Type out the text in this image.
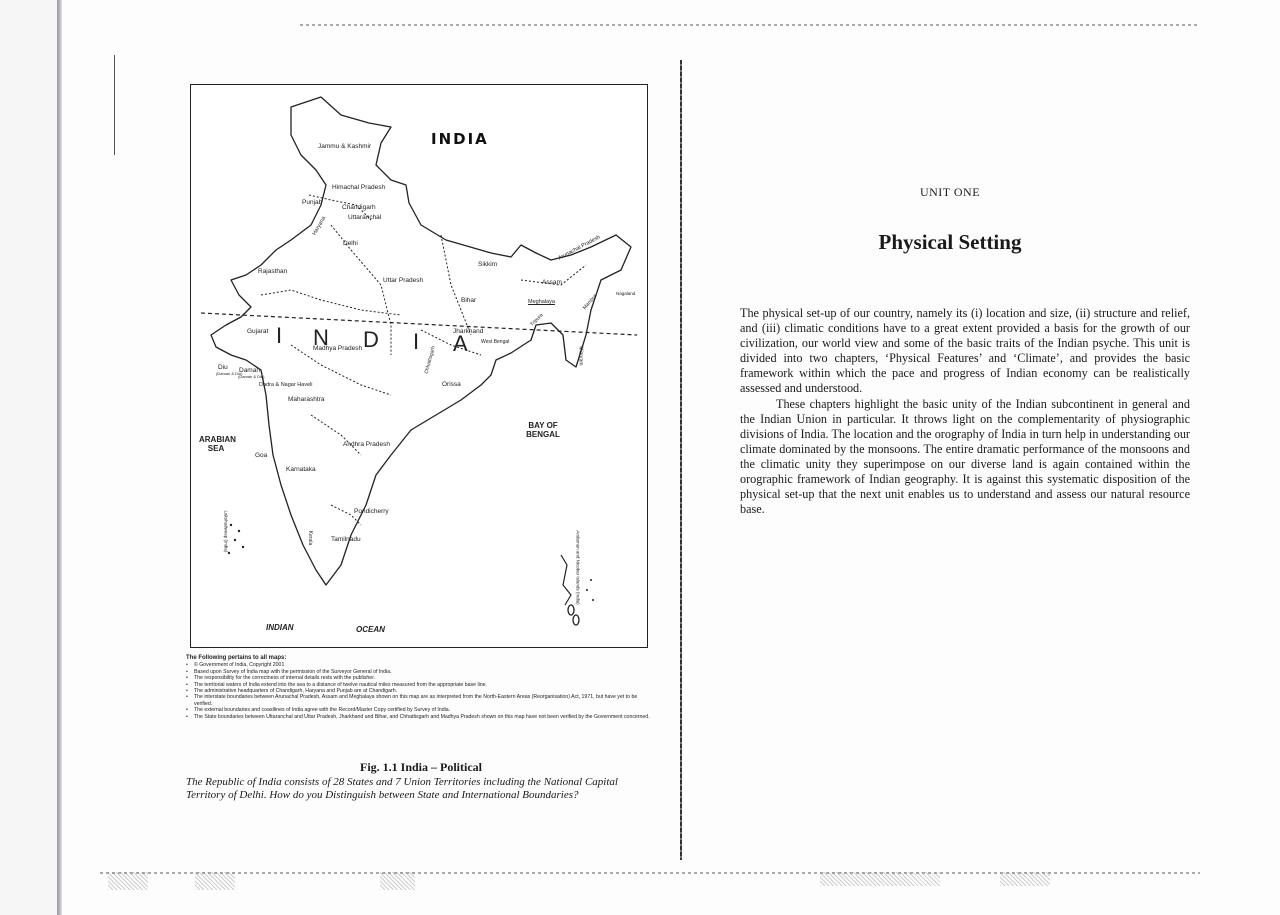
INDIA
I N D I A
Jammu & Kashmir
Himachal Pradesh
Punjab
Chandigarh
Uttaranchal
Haryana
Delhi
Rajasthan
Uttar Pradesh
Sikkim
Arunachal Pradesh
Assam
Nagaland
Bihar	Meghalaya	Manipur
Tripura
Mizoram
Gujarat	Jharkhand
West Bengal
Madhya Pradesh	Chhattisgarh
Diu
(Daman & Diu)
Daman
(Daman & Diu)
Dadra & Nagar Haveli	Orissa
Maharashtra
Andhra Pradesh
Goa
Karnataka
Pondicherry
Kerala	Tamilnadu
Lakshadweep (India)	Andaman and Nicobar Islands (India)
ARABIAN SEA
BAY OF BENGAL
INDIAN	OCEAN
The Following pertains to all maps:
• © Government of India, Copyright 2001
• Based upon Survey of India map with the permission of the Surveyor General of India.
• The responsibility for the correctness of internal details rests with the publisher.
• The territorial waters of India extend into the sea to a distance of twelve nautical miles measured from the appropriate base line.
• The administrative headquarters of Chandigarh, Haryana and Punjab are at Chandigarh.
• The interstate boundaries between Arunachal Pradesh, Assam and Meghalaya shown on this map are as interpreted from the North-Eastern Areas (Reorganisation) Act, 1971, but have yet to be verified.
• The external boundaries and coastlines of India agree with the Record/Master Copy certified by Survey of India.
• The State boundaries between Uttaranchal and Uttar Pradesh, Jharkhand and Bihar, and Chhattisgarh and Madhya Pradesh shown on this map have not been verified by the Government concerned.
Fig. 1.1 India – Political
The Republic of India consists of 28 States and 7 Union Territories including the National Capital Territory of Delhi. How do you Distinguish between State and International Boundaries?
UNIT ONE
Physical Setting

The physical set-up of our country, namely its (i) location and size, (ii) structure and relief, and (iii) climatic conditions have to a great extent provided a basis for the growth of our civilization, our world view and some of the basic traits of the Indian psyche. This unit is divided into two chapters, ‘Physical Features’ and ‘Climate’, and provides the basic framework within which the pace and progress of Indian economy can be realistically assessed and understood.

These chapters highlight the basic unity of the Indian subcontinent in general and the Indian Union in particular. It throws light on the complementarity of physiographic divisions of India. The location and the orography of India in turn help in understanding our climate dominated by the monsoons. The entire dramatic performance of the monsoons and the climatic unity they superimpose on our diverse land is again contained within the orographic framework of Indian geography. It is against this systematic disposition of the physical set-up that the next unit enables us to understand and assess our natural resource base.
